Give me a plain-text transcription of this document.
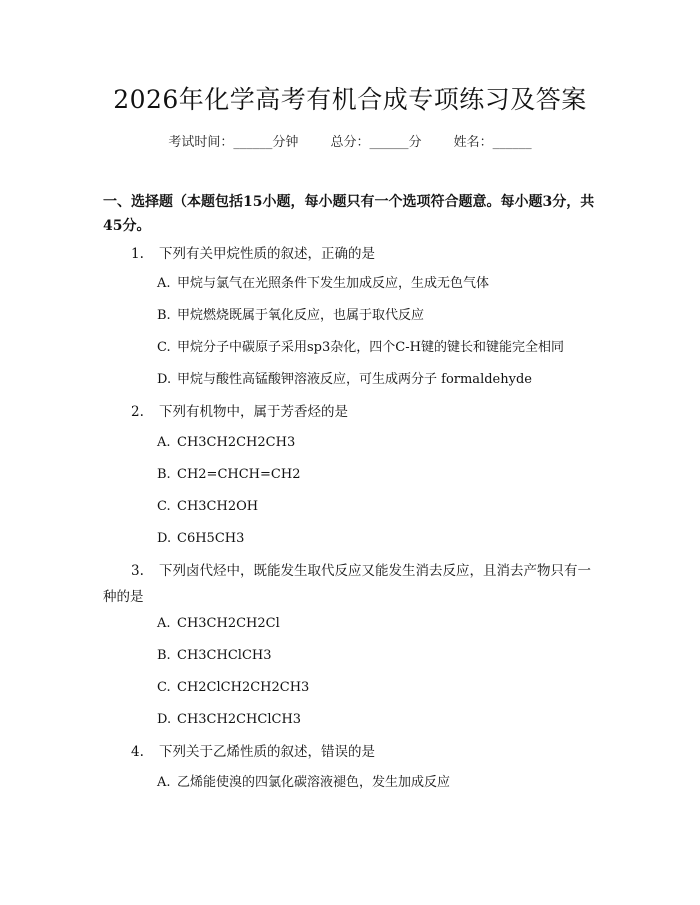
2026年化学高考有机合成专项练习及答案
考试时间：______分钟 总分：______分 姓名：______
一、选择题（本题包括15小题，每小题只有一个选项符合题意。每小题3分，共45分。
1. 下列有关甲烷性质的叙述，正确的是
A. 甲烷与氯气在光照条件下发生加成反应，生成无色气体
B. 甲烷燃烧既属于氧化反应，也属于取代反应
C. 甲烷分子中碳原子采用sp3杂化，四个C-H键的键长和键能完全相同
D. 甲烷与酸性高锰酸钾溶液反应，可生成两分子 formaldehyde
2. 下列有机物中，属于芳香烃的是
A. CH3CH2CH2CH3
B. CH2=CHCH=CH2
C. CH3CH2OH
D. C6H5CH3
3. 下列卤代烃中，既能发生取代反应又能发生消去反应，且消去产物只有一
种的是
A. CH3CH2CH2Cl
B. CH3CHClCH3
C. CH2ClCH2CH2CH3
D. CH3CH2CHClCH3
4. 下列关于乙烯性质的叙述，错误的是
A. 乙烯能使溴的四氯化碳溶液褪色，发生加成反应
